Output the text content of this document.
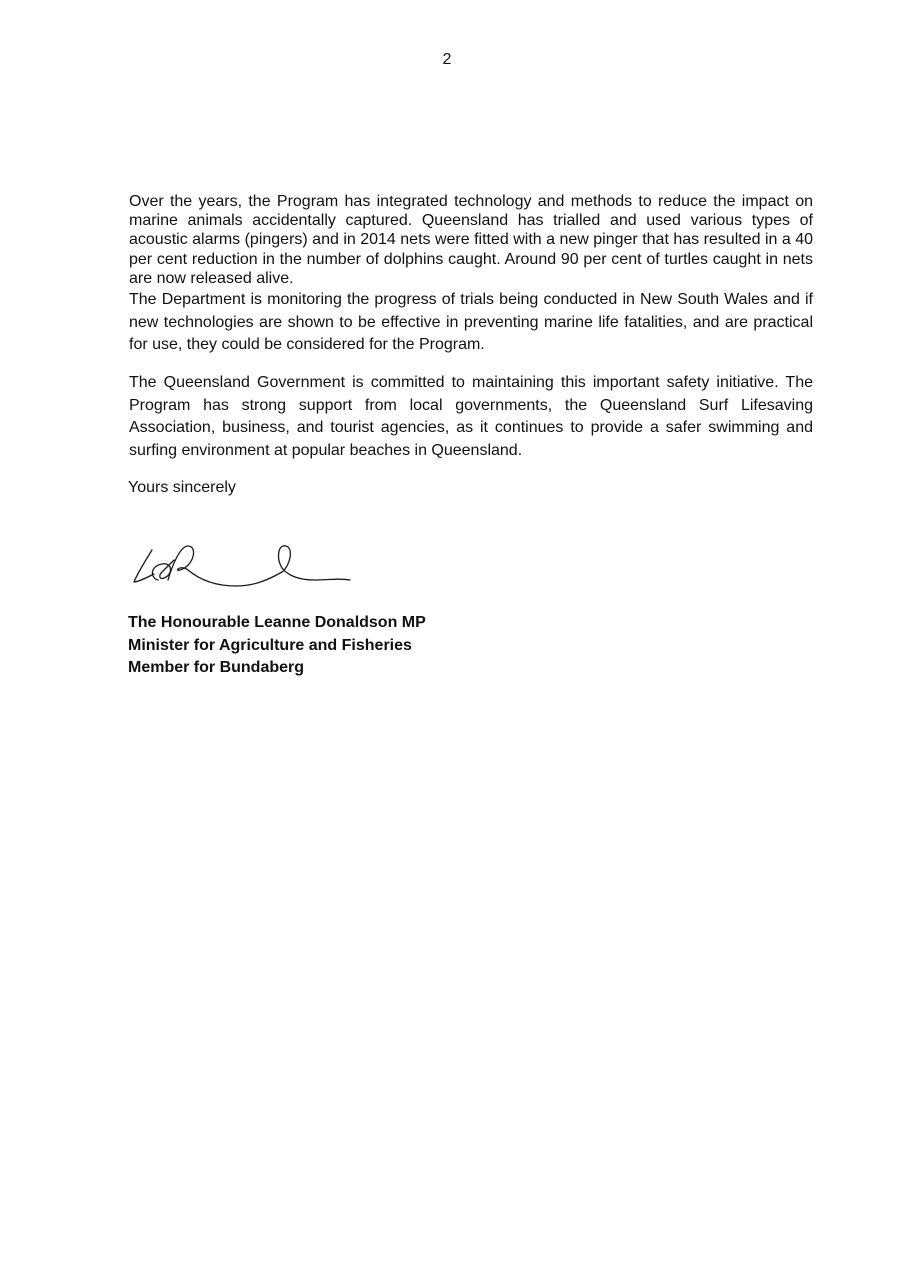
2

Over the years, the Program has integrated technology and methods to reduce the impact on marine animals accidentally captured. Queensland has trialled and used various types of acoustic alarms (pingers) and in 2014 nets were fitted with a new pinger that has resulted in a 40 per cent reduction in the number of dolphins caught. Around 90 per cent of turtles caught in nets are now released alive.

The Department is monitoring the progress of trials being conducted in New South Wales and if new technologies are shown to be effective in preventing marine life fatalities, and are practical for use, they could be considered for the Program.

The Queensland Government is committed to maintaining this important safety initiative. The Program has strong support from local governments, the Queensland Surf Lifesaving Association, business, and tourist agencies, as it continues to provide a safer swimming and surfing environment at popular beaches in Queensland.

Yours sincerely
The Honourable Leanne Donaldson MP
Minister for Agriculture and Fisheries
Member for Bundaberg
